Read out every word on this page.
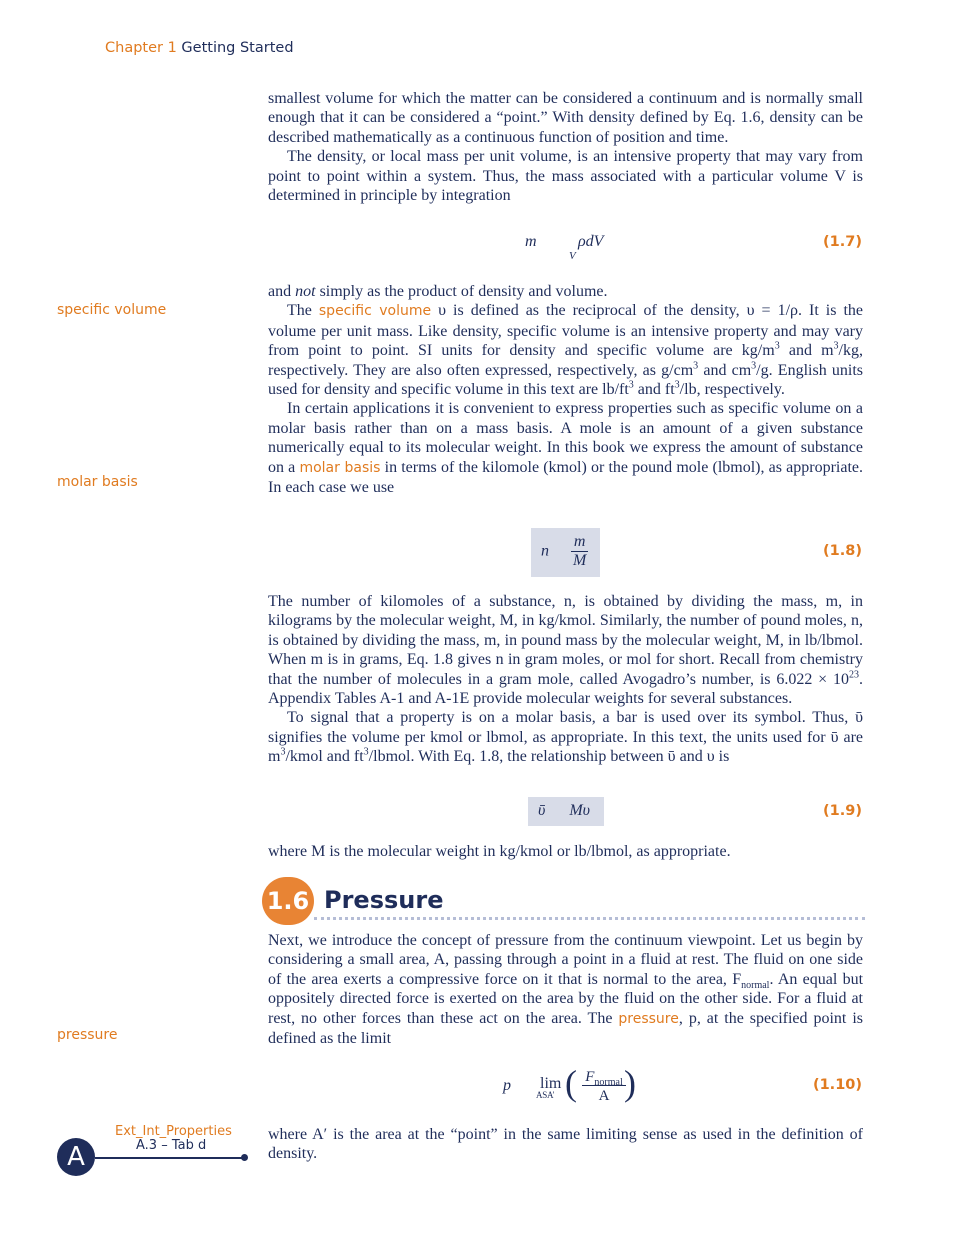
Chapter 1 Getting Started

smallest volume for which the matter can be considered a continuum and is normally small enough that it can be considered a “point.” With density defined by Eq. 1.6, density can be described mathematically as a continuous function of position and time.

The density, or local mass per unit volume, is an intensive property that may vary from point to point within a system. Thus, the mass associated with a particular volume V is determined in principle by integration

m	ρdV
V
(1.7)
specific volume
molar basis

and not simply as the product of density and volume.

The specific volume υ is defined as the reciprocal of the density, υ = 1/ρ. It is the volume per unit mass. Like density, specific volume is an intensive property and may vary from point to point. SI units for density and specific volume are $kg/m^3$ and $m^3/kg$, respectively. They are also often expressed, respectively, as $g/cm^3$ and $cm^3/g$. English units used for density and specific volume in this text are $lb/ft^3$ and $ft^3/lb$, respectively.

In certain applications it is convenient to express properties such as specific volume on a molar basis rather than on a mass basis. A mole is an amount of a given substance numerically equal to its molecular weight. In this book we express the amount of substance on a molar basis in terms of the kilomole (kmol) or the pound mole (lbmol), as appropriate. In each case we use

n $\frac{m}{M}$	(1.8)

The number of kilomoles of a substance, n, is obtained by dividing the mass, m, in kilograms by the molecular weight, M, in kg/kmol. Similarly, the number of pound moles, n, is obtained by dividing the mass, m, in pound mass by the molecular weight, M, in lb/lbmol. When m is in grams, Eq. 1.8 gives n in gram moles, or mol for short. Recall from chemistry that the number of molecules in a gram mole, called Avogadro’s number, is $6.022 \times 10^{23}$. Appendix Tables A-1 and A-1E provide molecular weights for several substances.

To signal that a property is on a molar basis, a bar is used over its symbol. Thus, ῡ signifies the volume per kmol or lbmol, as appropriate. In this text, the units used for ῡ are $m^3$/kmol and $ft^3$/lbmol. With Eq. 1.8, the relationship between ῡ and υ is

ῡ Mυ	(1.9)

where M is the molecular weight in kg/kmol or lb/lbmol, as appropriate.

1.6 Pressure
pressure

Next, we introduce the concept of pressure from the continuum viewpoint. Let us begin by considering a small area, A, passing through a point in a fluid at rest. The fluid on one side of the area exerts a compressive force on it that is normal to the area, $F_{normal}$. An equal but oppositely directed force is exerted on the area by the fluid on the other side. For a fluid at rest, no other forces than these act on the area. The pressure, p, at the specified point is defined as the limit

p lim
A S A′ ( $F_{normal}$
A )	(1.10)

where A′ is the area at the “point” in the same limiting sense as used in the definition of density.

A
Ext_Int_Properties
A.3 – Tab d
